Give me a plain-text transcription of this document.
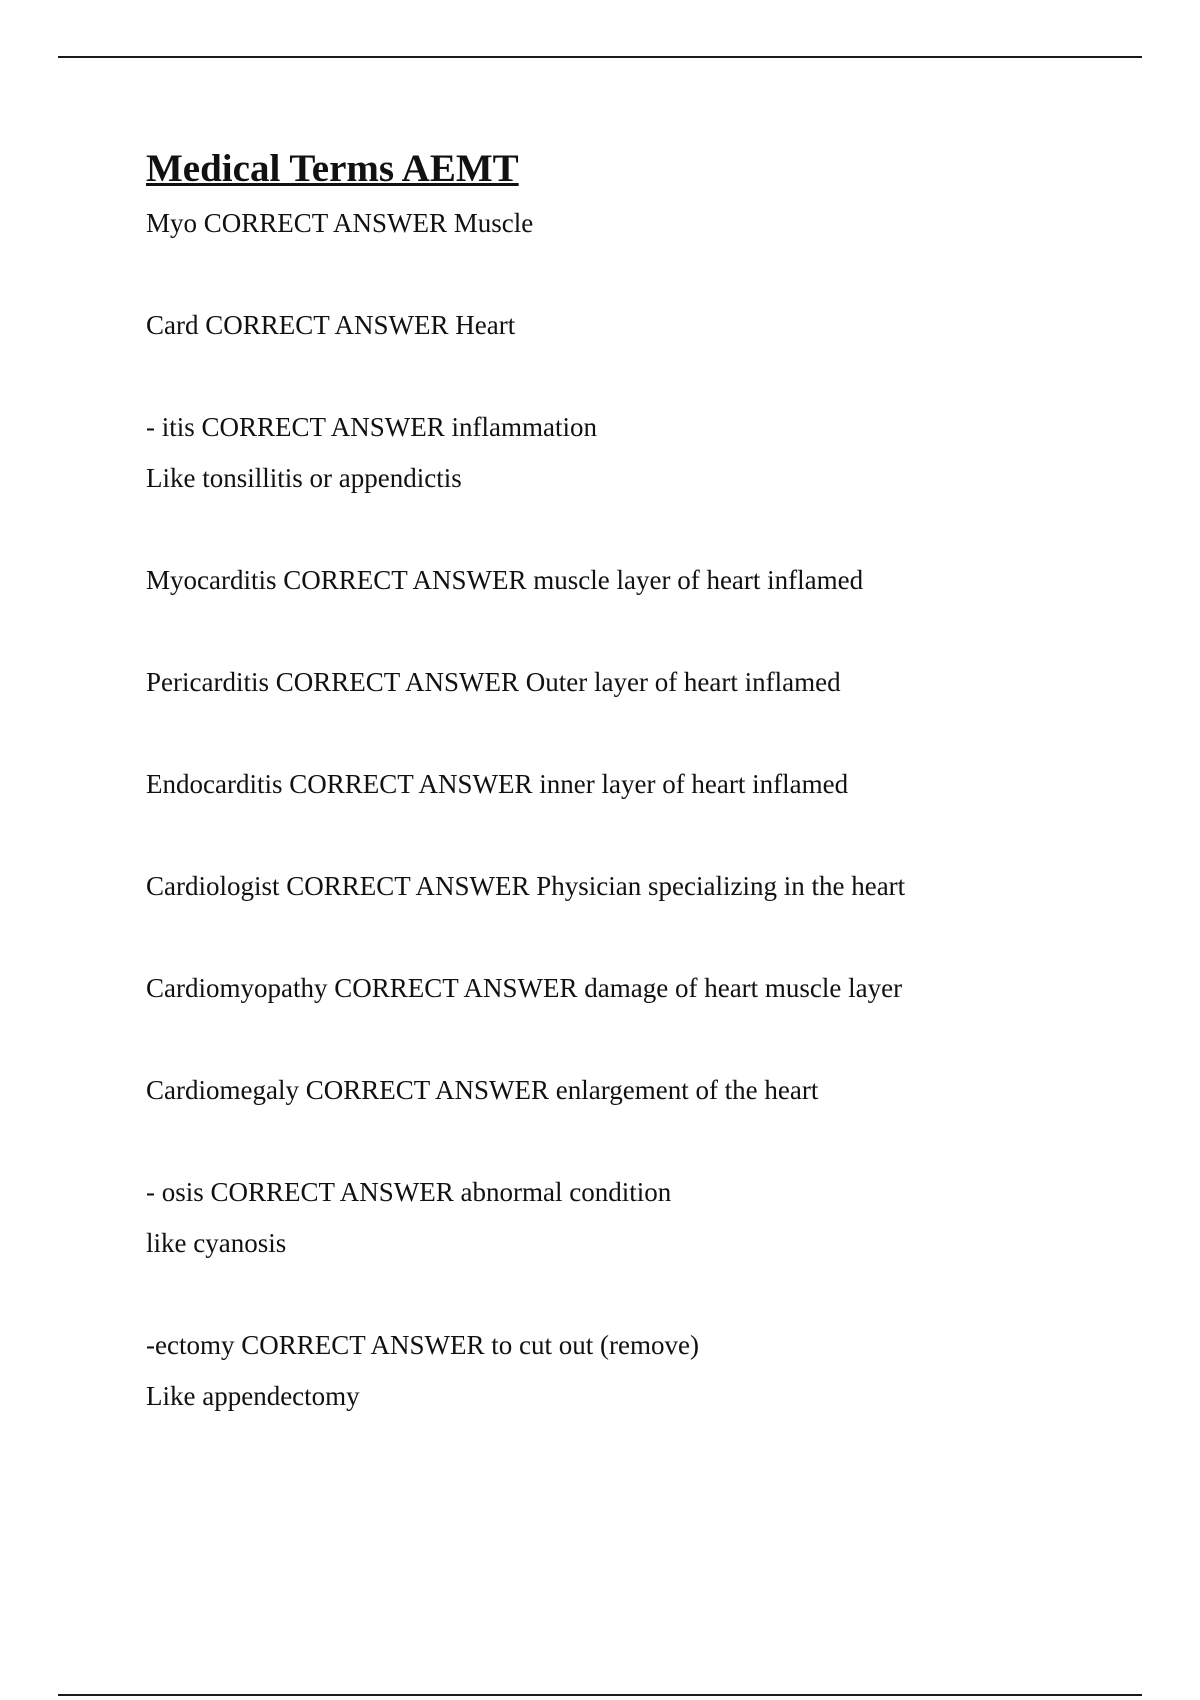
Medical Terms AEMT
Myo CORRECT ANSWER Muscle
Card CORRECT ANSWER Heart
- itis CORRECT ANSWER inflammation
Like tonsillitis or appendictis
Myocarditis CORRECT ANSWER muscle layer of heart inflamed
Pericarditis CORRECT ANSWER Outer layer of heart inflamed
Endocarditis CORRECT ANSWER inner layer of heart inflamed
Cardiologist CORRECT ANSWER Physician specializing in the heart
Cardiomyopathy CORRECT ANSWER damage of heart muscle layer
Cardiomegaly CORRECT ANSWER enlargement of the heart
- osis CORRECT ANSWER abnormal condition
like cyanosis
-ectomy CORRECT ANSWER to cut out (remove)
Like appendectomy
